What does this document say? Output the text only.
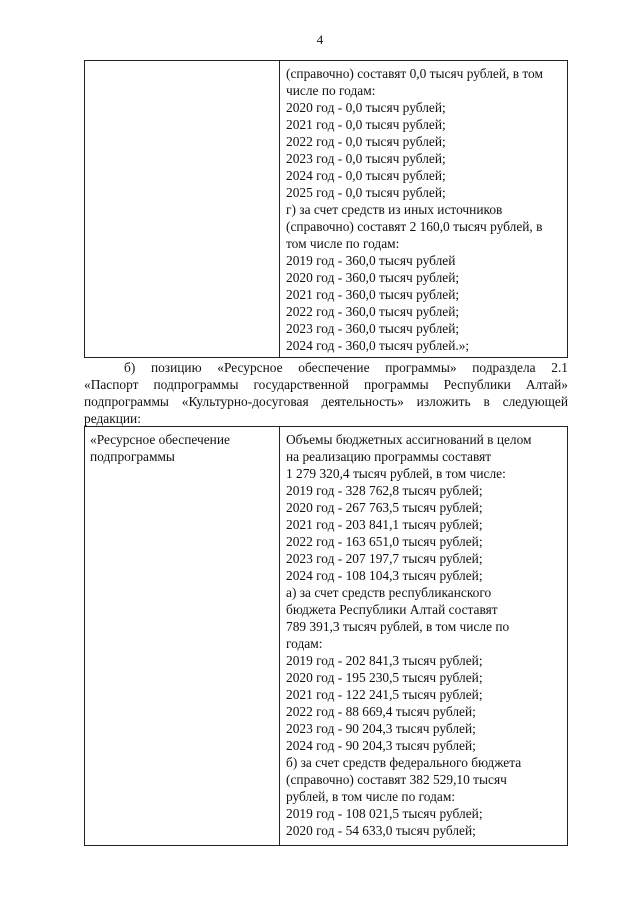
4
(справочно) составят 0,0 тысяч рублей, в том
числе по годам:
2020 год - 0,0 тысяч рублей;
2021 год - 0,0 тысяч рублей;
2022 год - 0,0 тысяч рублей;
2023 год - 0,0 тысяч рублей;
2024 год - 0,0 тысяч рублей;
2025 год - 0,0 тысяч рублей;
г) за счет средств из иных источников
(справочно) составят 2 160,0 тысяч рублей, в
том числе по годам:
2019 год - 360,0 тысяч рублей
2020 год - 360,0 тысяч рублей;
2021 год - 360,0 тысяч рублей;
2022 год - 360,0 тысяч рублей;
2023 год - 360,0 тысяч рублей;
2024 год - 360,0 тысяч рублей.»;
б) позицию «Ресурсное обеспечение программы» подраздела 2.1
«Паспорт подпрограммы государственной программы Республики Алтай»
подпрограммы «Культурно-досуговая деятельность» изложить в следующей
редакции:
«Ресурсное обеспечение
подпрограммы
Объемы бюджетных ассигнований в целом
на реализацию программы составят
1 279 320,4 тысяч рублей, в том числе:
2019 год - 328 762,8 тысяч рублей;
2020 год - 267 763,5 тысяч рублей;
2021 год - 203 841,1 тысяч рублей;
2022 год - 163 651,0 тысяч рублей;
2023 год - 207 197,7 тысяч рублей;
2024 год - 108 104,3 тысяч рублей;
а) за счет средств республиканского
бюджета Республики Алтай составят
789 391,3 тысяч рублей, в том числе по
годам:
2019 год - 202 841,3 тысяч рублей;
2020 год - 195 230,5 тысяч рублей;
2021 год - 122 241,5 тысяч рублей;
2022 год - 88 669,4 тысяч рублей;
2023 год - 90 204,3 тысяч рублей;
2024 год - 90 204,3 тысяч рублей;
б) за счет средств федерального бюджета
(справочно) составят 382 529,10 тысяч
рублей, в том числе по годам:
2019 год - 108 021,5 тысяч рублей;
2020 год - 54 633,0 тысяч рублей;
